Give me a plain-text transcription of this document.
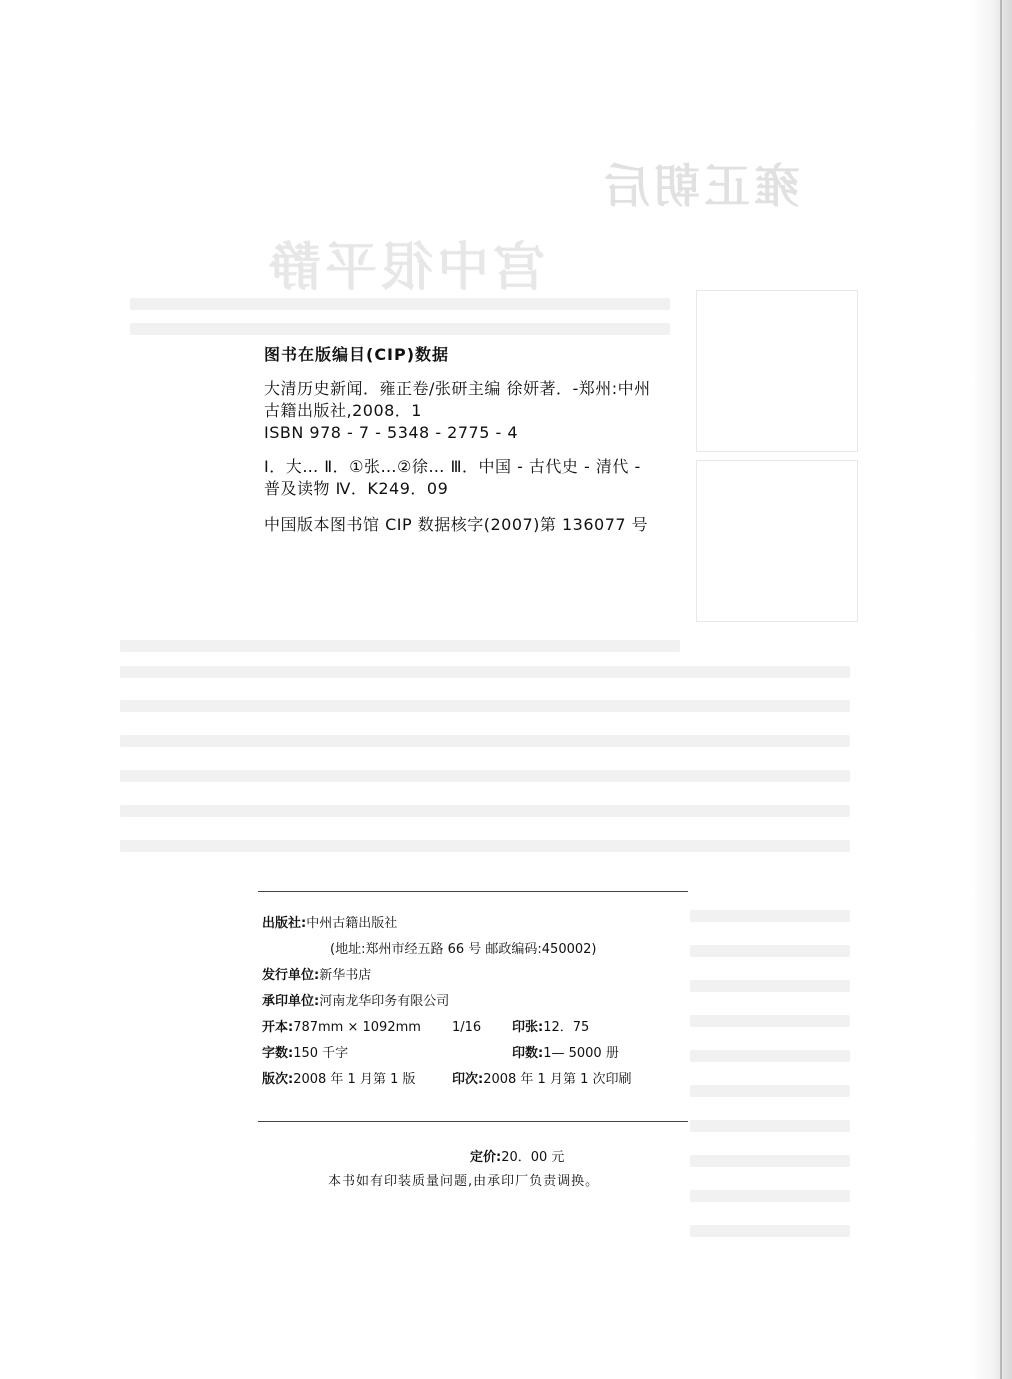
雍正朝后
宫中很平静
图书在版编目(CIP)数据
大清历史新闻．雍正卷/张研主编 徐妍著．-郑州:中州
古籍出版社,2008．1
ISBN 978 - 7 - 5348 - 2775 - 4
Ⅰ．大… Ⅱ．①张…②徐… Ⅲ．中国 - 古代史 - 清代 -
普及读物 Ⅳ．K249．09
中国版本图书馆 CIP 数据核字(2007)第 136077 号
出版社: 中州古籍出版社
(地址:郑州市经五路 66 号 邮政编码:450002)
发行单位: 新华书店
承印单位: 河南龙华印务有限公司
开本: 787mm × 1092mm 1/16 印张:12．75
字数: 150 千字	印数:1— 5000 册
版次: 2008 年 1 月第 1 版	印次:2008 年 1 月第 1 次印刷
定价:20．00 元
本书如有印装质量问题,由承印厂负责调换。
